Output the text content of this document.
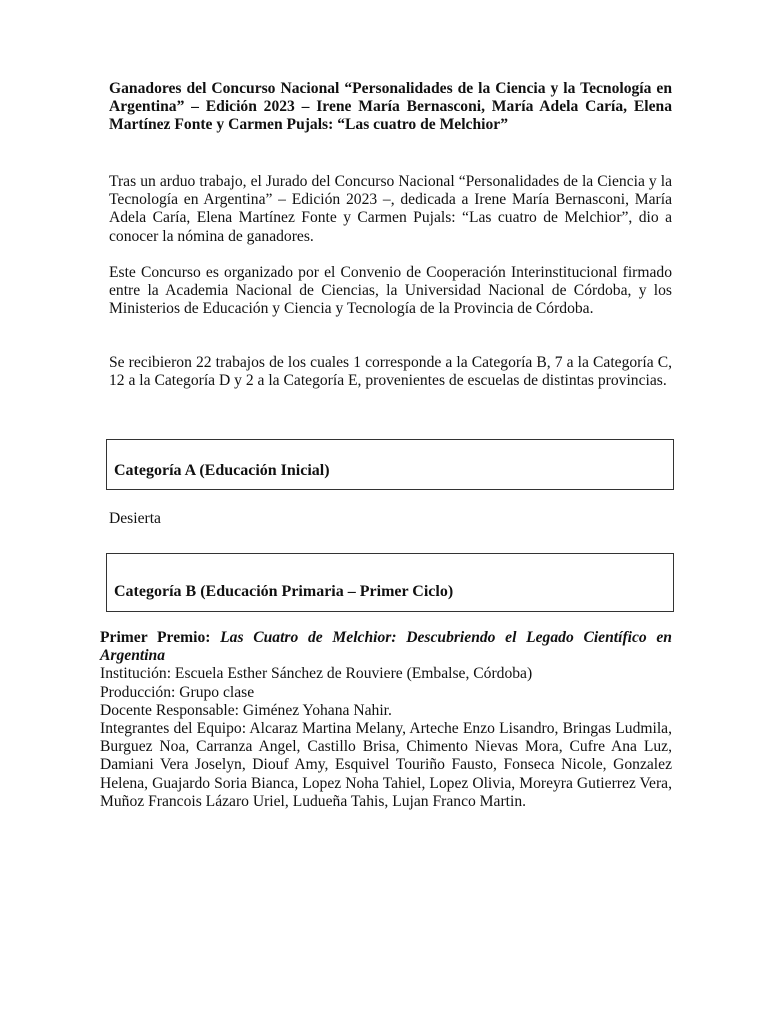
Ganadores del Concurso Nacional “Personalidades de la Ciencia y la Tecnología en Argentina” – Edición 2023 – Irene María Bernasconi, María Adela Caría, Elena Martínez Fonte y Carmen Pujals: “Las cuatro de Melchior”

Tras un arduo trabajo, el Jurado del Concurso Nacional “Personalidades de la Ciencia y la Tecnología en Argentina” – Edición 2023 –, dedicada a Irene María Bernasconi, María Adela Caría, Elena Martínez Fonte y Carmen Pujals: “Las cuatro de Melchior”, dio a conocer la nómina de ganadores.

Este Concurso es organizado por el Convenio de Cooperación Interinstitucional firmado entre la Academia Nacional de Ciencias, la Universidad Nacional de Córdoba, y los Ministerios de Educación y Ciencia y Tecnología de la Provincia de Córdoba.

Se recibieron 22 trabajos de los cuales 1 corresponde a la Categoría B, 7 a la Categoría C, 12 a la Categoría D y 2 a la Categoría E, provenientes de escuelas de distintas provincias.

Categoría A (Educación Inicial)

Desierta

Categoría B (Educación Primaria – Primer Ciclo)
Primer Premio: Las Cuatro de Melchior: Descubriendo el Legado Científico en Argentina
Institución: Escuela Esther Sánchez de Rouviere (Embalse, Córdoba)
Producción: Grupo clase
Docente Responsable: Giménez Yohana Nahir.
Integrantes del Equipo: Alcaraz Martina Melany, Arteche Enzo Lisandro, Bringas Ludmila, Burguez Noa, Carranza Angel, Castillo Brisa, Chimento Nievas Mora, Cufre Ana Luz, Damiani Vera Joselyn, Diouf Amy, Esquivel Touriño Fausto, Fonseca Nicole, Gonzalez Helena, Guajardo Soria Bianca, Lopez Noha Tahiel, Lopez Olivia, Moreyra Gutierrez Vera, Muñoz Francois Lázaro Uriel, Ludueña Tahis, Lujan Franco Martin.
